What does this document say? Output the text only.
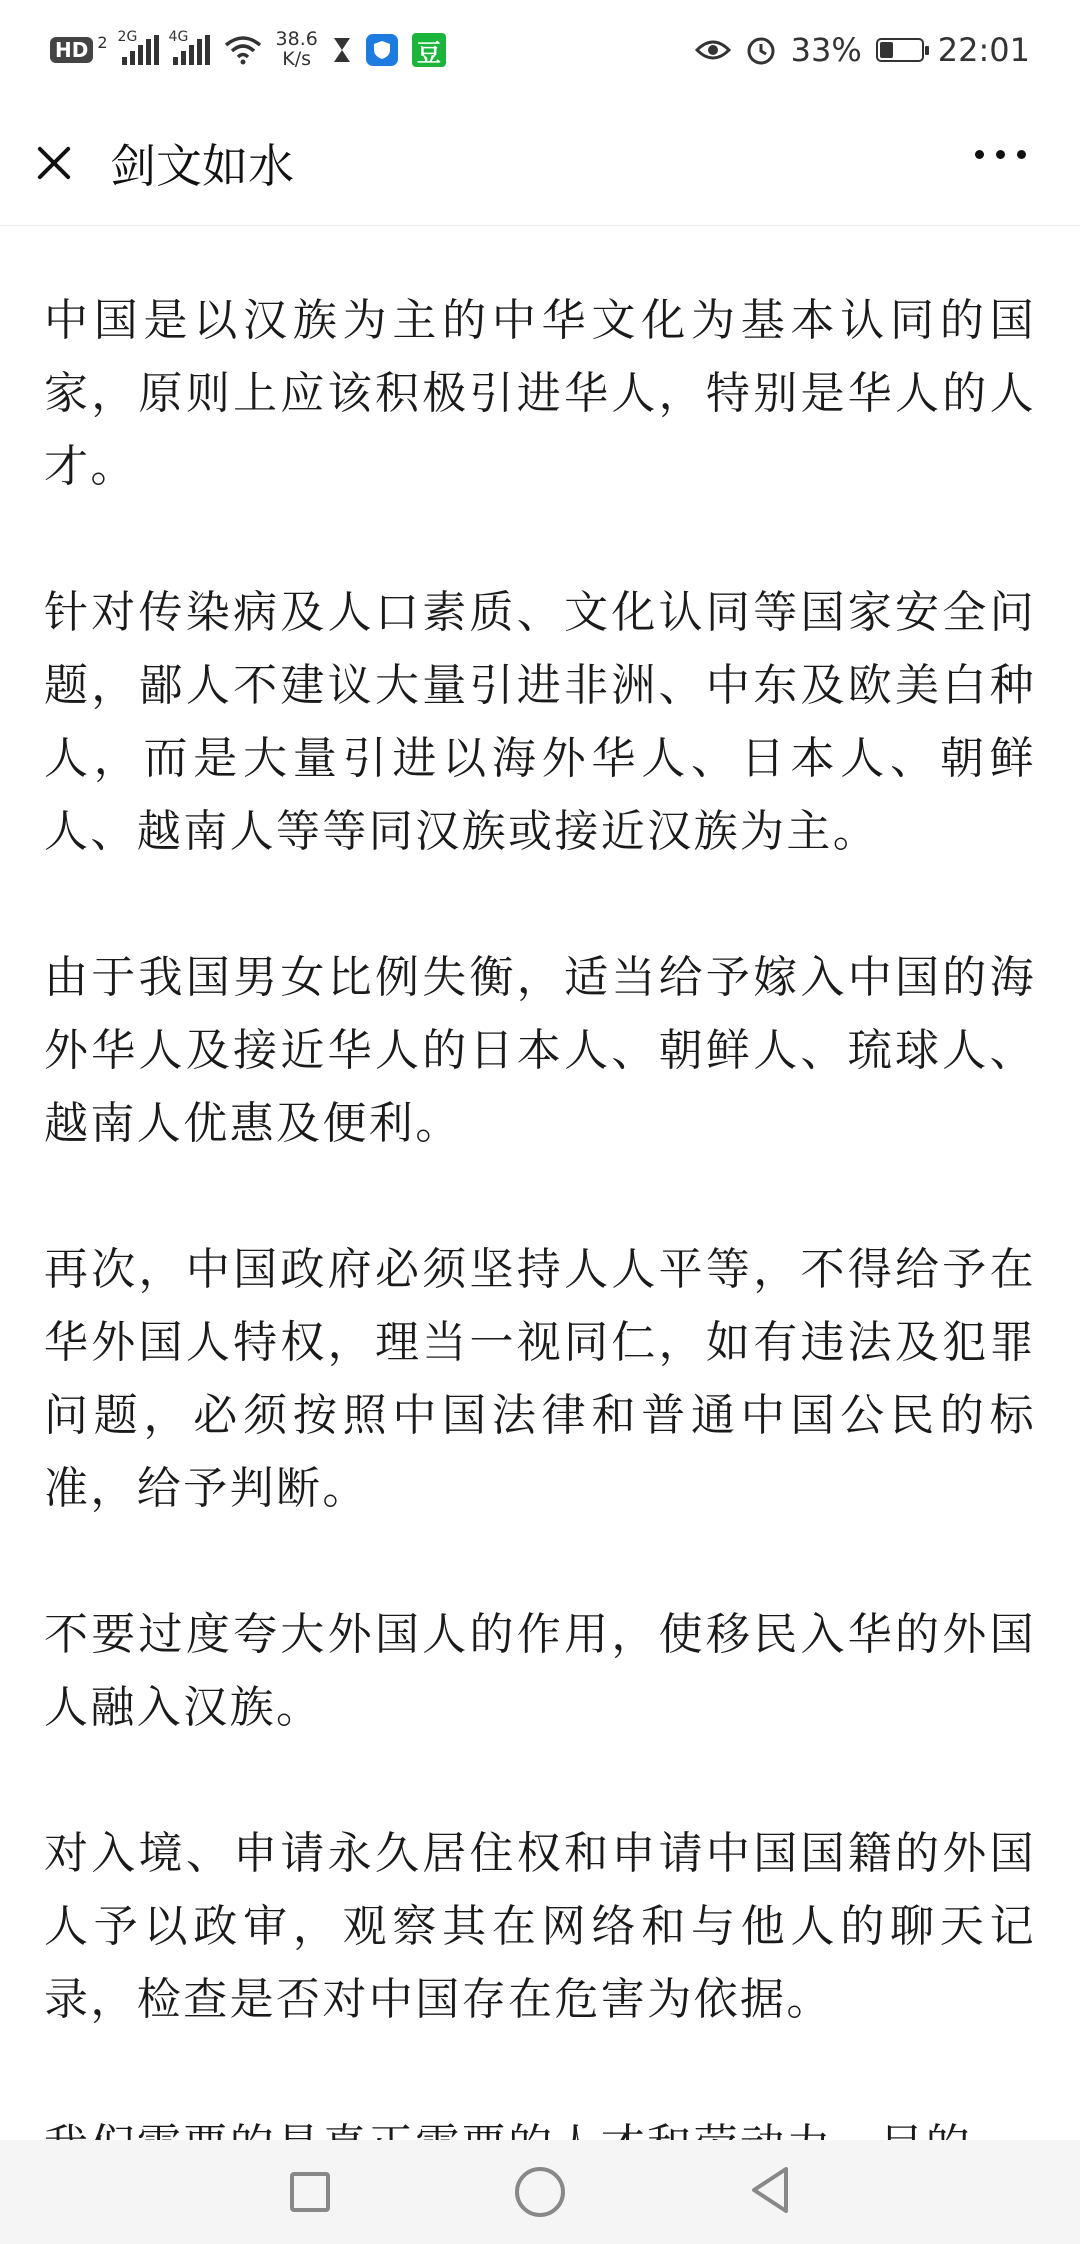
HD 2 2G 4G	38.6
K/s	豆	33% 22:01
剑文如水

中国是以汉族为主的中华文化为基本认同的国家，原则上应该积极引进华人，特别是华人的人才。

针对传染病及人口素质、文化认同等国家安全问题，鄙人不建议大量引进非洲、中东及欧美白种人，而是大量引进以海外华人、日本人、朝鲜人、越南人等等同汉族或接近汉族为主。

由于我国男女比例失衡，适当给予嫁入中国的海外华人及接近华人的日本人、朝鲜人、琉球人、越南人优惠及便利。

再次，中国政府必须坚持人人平等，不得给予在华外国人特权，理当一视同仁，如有违法及犯罪问题，必须按照中国法律和普通中国公民的标准，给予判断。

不要过度夸大外国人的作用，使移民入华的外国人融入汉族。

对入境、申请永久居住权和申请中国国籍的外国人予以政审，观察其在网络和与他人的聊天记录，检查是否对中国存在危害为依据。
